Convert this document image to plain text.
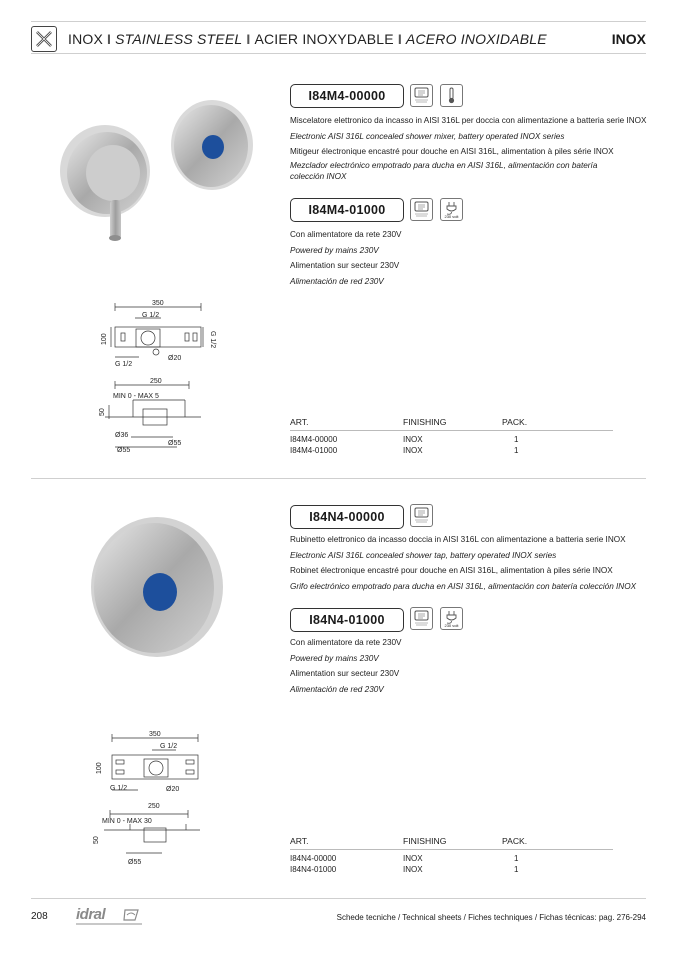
INOX I STAINLESS STEEL I ACIER INOXYDABLE I ACERO INOXIDABLE	INOX
I84M4-00000
Miscelatore elettronico da incasso in AISI 316L per doccia con alimentazione a batteria serie INOX
Electronic AISI 316L concealed shower mixer, battery operated INOX series
Mitigeur électronique encastré pour douche en AISI 316L, alimentation à piles série INOX
Mezclador electrónico empotrado para ducha en AISI 316L, alimentación con batería
colección INOX
I84M4-01000	230 volt
Con alimentatore da rete 230V
Powered by mains 230V
Alimentation sur secteur 230V
Alimentación de red 230V
350
G 1/2
G 1/2
100
G 1/2
Ø20
250
MIN 0 - MAX 5
50
Ø36
Ø55
Ø55
ART.	FINISHING	PACK.
I84M4-00000	INOX	1
I84M4-01000	INOX	1
I84N4-00000
Rubinetto elettronico da incasso doccia in AISI 316L con alimentazione a batteria serie INOX
Electronic AISI 316L concealed shower tap, battery operated INOX series
Robinet électronique encastré pour douche en AISI 316L, alimentation à piles série INOX
Grifo electrónico empotrado para ducha en AISI 316L, alimentación con batería colección INOX
I84N4-01000	230 volt
Con alimentatore da rete 230V
Powered by mains 230V
Alimentation sur secteur 230V
Alimentación de red 230V
350
G 1/2
100
G 1/2	Ø20
250
MIN 0 - MAX 30
50
Ø55
ART.	FINISHING	PACK.
I84N4-00000	INOX	1
I84N4-01000	INOX	1
208 idral	Schede tecniche / Technical sheets / Fiches techniques / Fichas técnicas: pag. 276-294
